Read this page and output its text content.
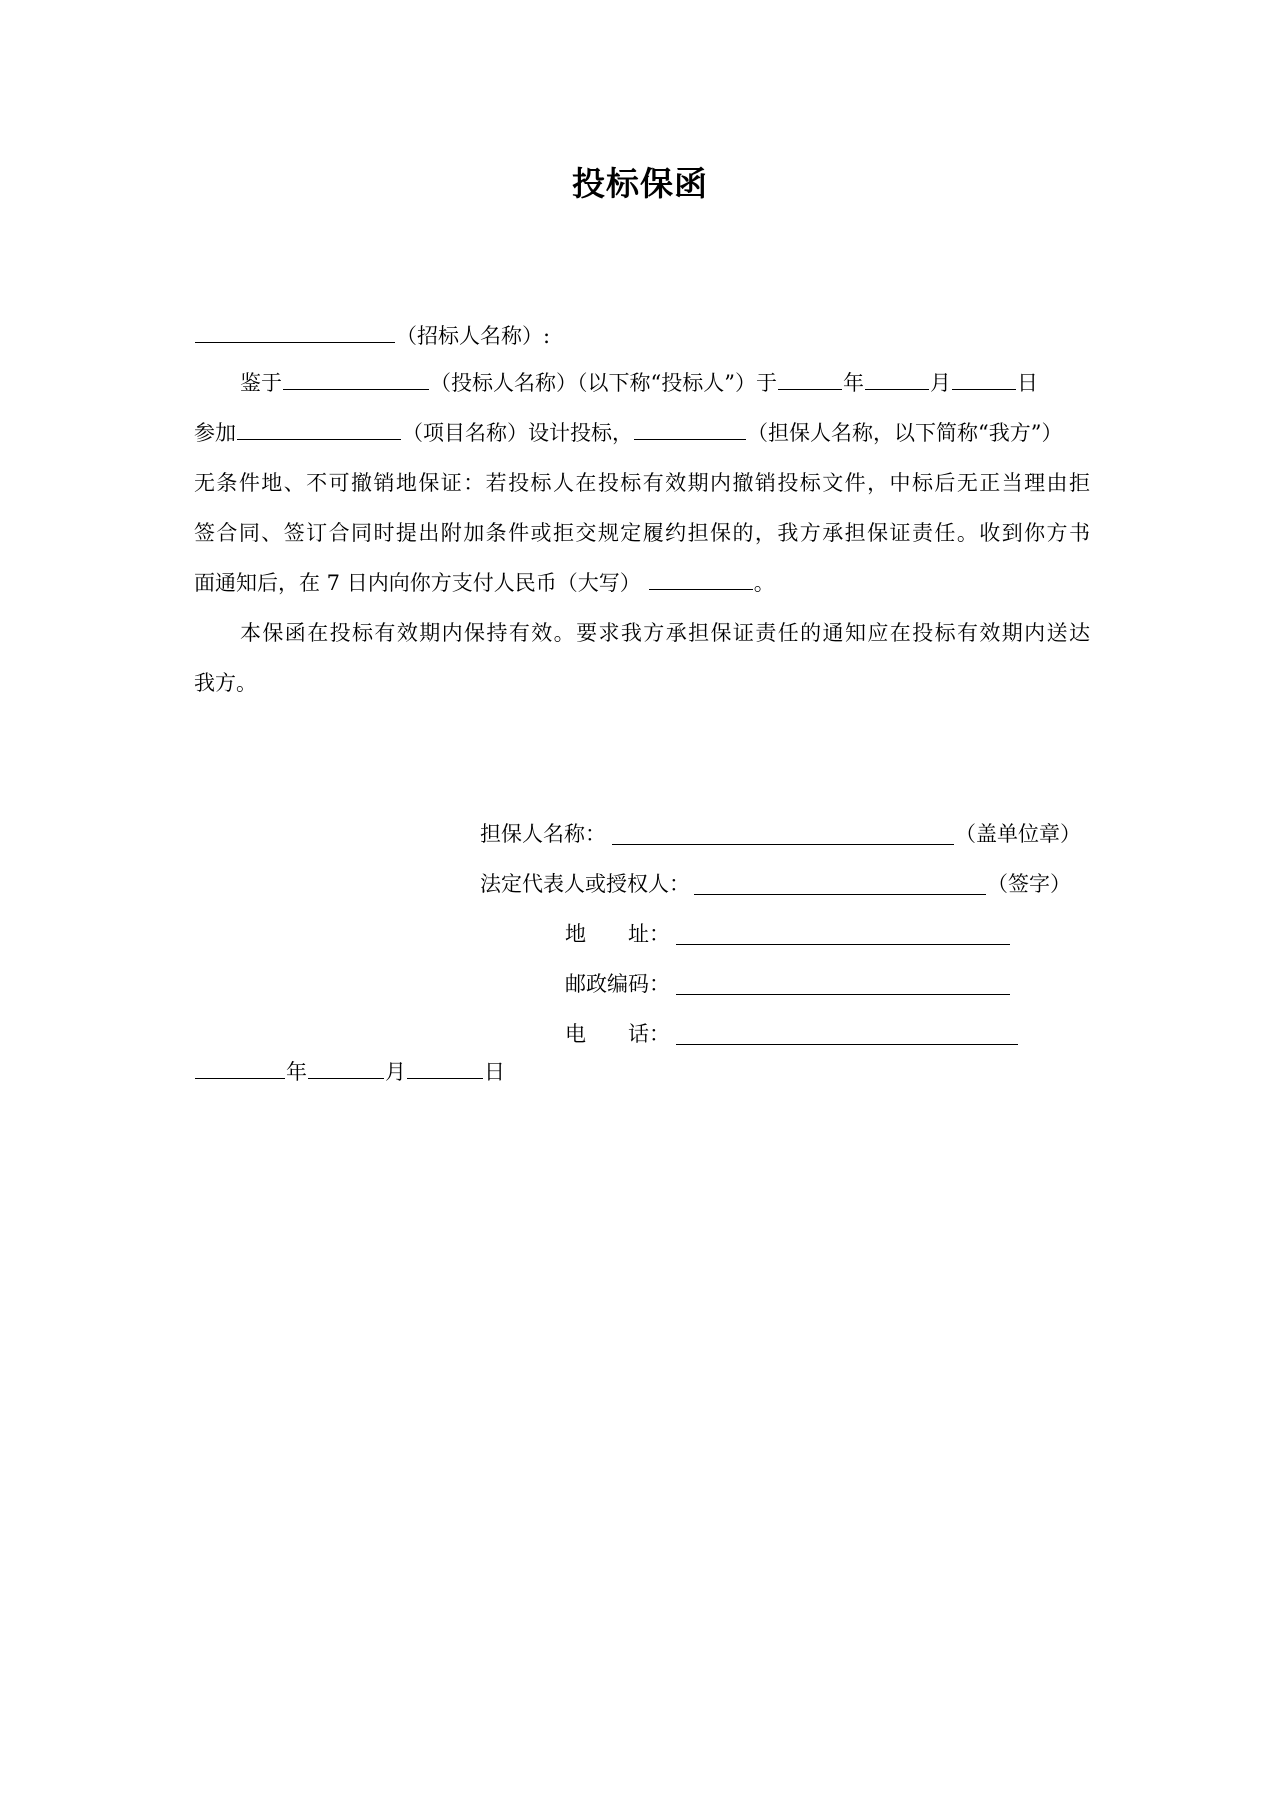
投标保函
（招标人名称）:
鉴于	（投标人名称）（以下称“投标人”）于	年	月	日
参加	（项目名称）设计投标，	（担保人名称，以下简称“我方”）
无条件地、不可撤销地保证：若投标人在投标有效期内撤销投标文件，中标后无正当理由拒
签合同、签订合同时提出附加条件或拒交规定履约担保的，我方承担保证责任。收到你方书
面通知后，在 7 日内向你方支付人民币（大写）	。
本保函在投标有效期内保持有效。要求我方承担保证责任的通知应在投标有效期内送达
我方。
担保人名称：	（盖单位章）
法定代表人或授权人：	（签字）
地　　址：
邮政编码：
电　　话：
年	月	日
